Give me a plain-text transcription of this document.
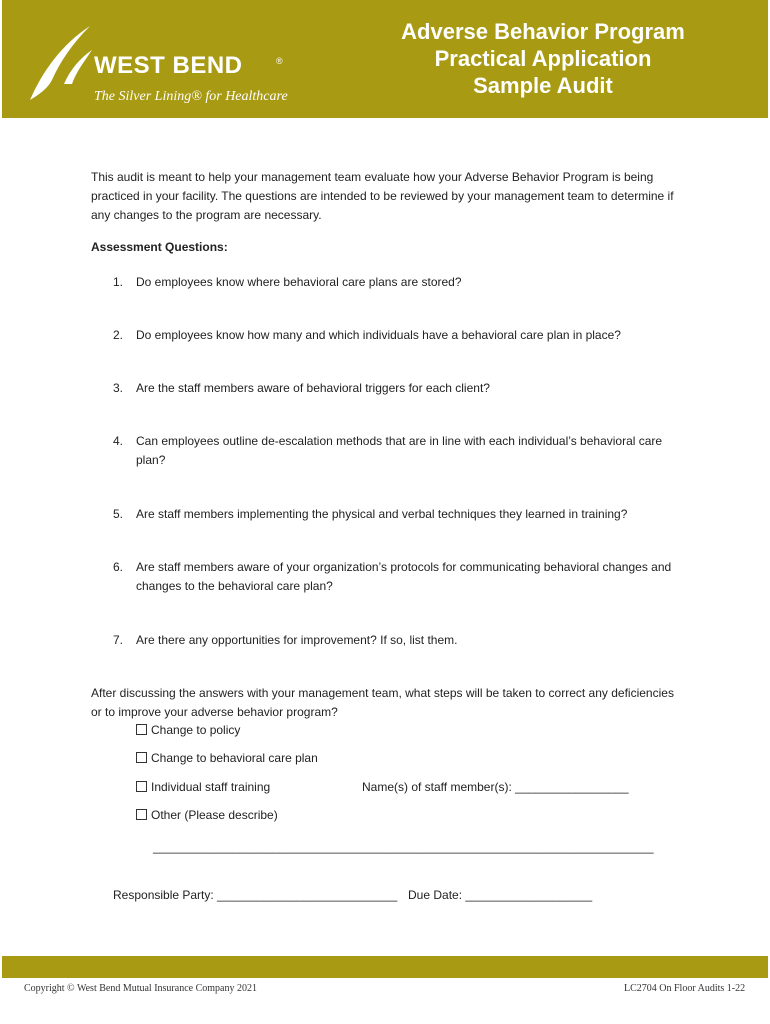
WEST BEND	®
The Silver Lining® for Healthcare
Adverse Behavior Program
Practical Application
Sample Audit

This audit is meant to help your management team evaluate how your Adverse Behavior Program is being practiced in your facility. The questions are intended to be reviewed by your management team to determine if any changes to the program are necessary.

Assessment Questions:

1. Do employees know where behavioral care plans are stored?
2. Do employees know how many and which individuals have a behavioral care plan in place?
3. Are the staff members aware of behavioral triggers for each client?
4. Can employees outline de-escalation methods that are in line with each individual’s behavioral care plan?
5. Are staff members implementing the physical and verbal techniques they learned in training?
6. Are staff members aware of your organization’s protocols for communicating behavioral changes and changes to the behavioral care plan?
7. Are there any opportunities for improvement? If so, list them.
After discussing the answers with your management team, what steps will be taken to correct any deficiencies or to improve your adverse behavior program?
Change to policy
Change to behavioral care plan
Individual staff training	Name(s) of staff member(s): _________________
Other (Please describe)
___________________________________________________________________________
Responsible Party: ___________________________ Due Date: ___________________
Copyright © West Bend Mutual Insurance Company 2021	LC2704 On Floor Audits 1-22
